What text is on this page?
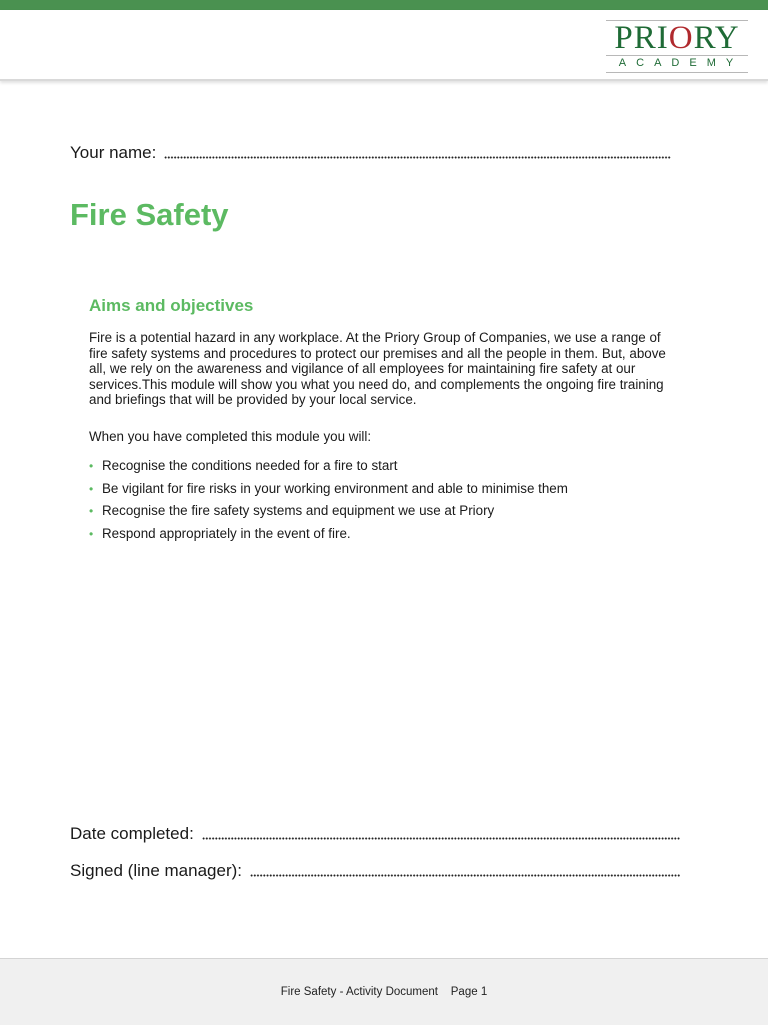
PRIORY
ACADEMY
Your name:
Fire Safety
Aims and objectives

Fire is a potential hazard in any workplace. At the Priory Group of Companies, we use a range of fire safety systems and procedures to protect our premises and all the people in them. But, above all, we rely on the awareness and vigilance of all employees for maintaining fire safety at our services.This module will show you what you need do, and complements the ongoing fire training and briefings that will be provided by your local service.

When you have completed this module you will:

• Recognise the conditions needed for a fire to start
• Be vigilant for fire risks in your working environment and able to minimise them
• Recognise the fire safety systems and equipment we use at Priory
• Respond appropriately in the event of fire.
Date completed:
Signed (line manager):
Fire Safety - Activity Document Page 1
